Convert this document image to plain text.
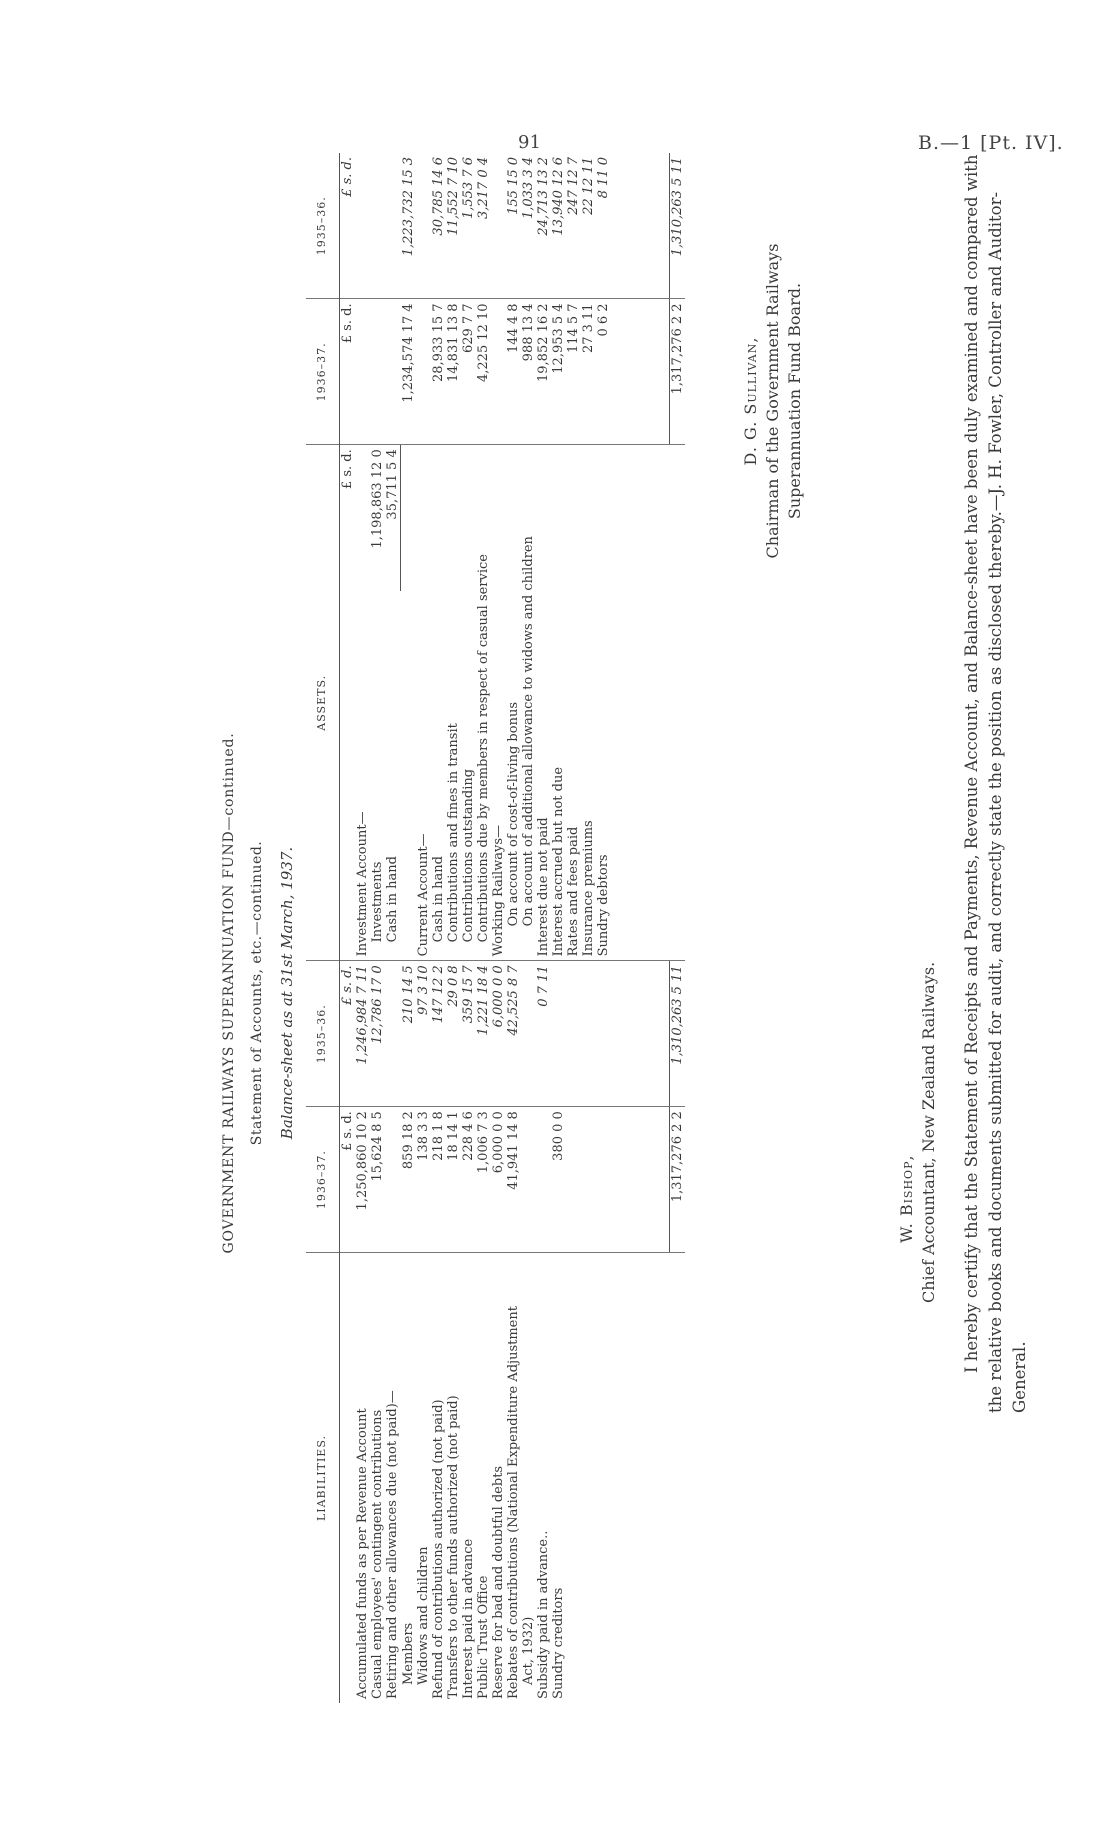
91	B.—1 [Pt. IV].
GOVERNMENT RAILWAYS SUPERANNUATION FUND—continued. Statement of Accounts, etc.—continued. Balance-sheet as at 31st March, 1937.
LIABILITIES.	1936–37.	1935–36.	ASSETS.		1936–37.	1935–36.
	£ s. d.	£ s. d.		£ s. d.	£ s. d.	£ s. d.
Accumulated funds as per Revenue Account	1,250,860 10 2	1,246,984 7 11	Investment Account—			
Casual employees' contingent contributions	15,624 8 5	12,786 17 0	Investments	1,198,863 12 0		
Retiring and other allowances due (not paid)—			Cash in hand	35,711 5 4		
Members	859 18 2	210 14 5			1,234,574 17 4	1,223,732 15 3
Widows and children	138 3 3	97 3 10	Current Account—			
Refund of contributions authorized (not paid)	218 1 8	147 12 2	Cash in hand		28,933 15 7	30,785 14 6
Transfers to other funds authorized (not paid)	18 14 1	29 0 8	Contributions and fines in transit		14,831 13 8	11,552 7 10
Interest paid in advance	228 4 6	359 15 7	Contributions outstanding		629 7 7	1,553 7 6
Public Trust Office	1,006 7 3	1,221 18 4	Contributions due by members in respect of casual service		4,225 12 10	3,217 0 4
Reserve for bad and doubtful debts	6,000 0 0	6,000 0 0	Working Railways—			
Rebates of contributions (National Expenditure Adjustment	41,941 14 8	42,525 8 7	On account of cost-of-living bonus		144 4 8	155 15 0
Act, 1932)			On account of additional allowance to widows and children		988 13 4	1,033 3 4
Subsidy paid in advance..		0 7 11	Interest due not paid		19,852 16 2	24,713 13 2
Sundry creditors	380 0 0		Interest accrued but not due		12,953 5 4	13,940 12 6
			Rates and fees paid		114 5 7	247 12 7
			Insurance premiums		27 3 11	22 12 11
			Sundry debtors		0 6 2	8 11 0

	1,317,276 2 2	1,310,263 5 11			1,317,276 2 2	1,310,263 5 11
W. Bishop, Chief Accountant, New Zealand Railways.
D. G. Sullivan, Chairman of the Government Railways Superannuation Fund Board.	I hereby certify that the Statement of Receipts and Payments, Revenue Account, and Balance-sheet have been duly examined and compared with the relative books and documents submitted for audit, and correctly state the position as disclosed thereby.—J. H. Fowler, Controller and Auditor-General.
